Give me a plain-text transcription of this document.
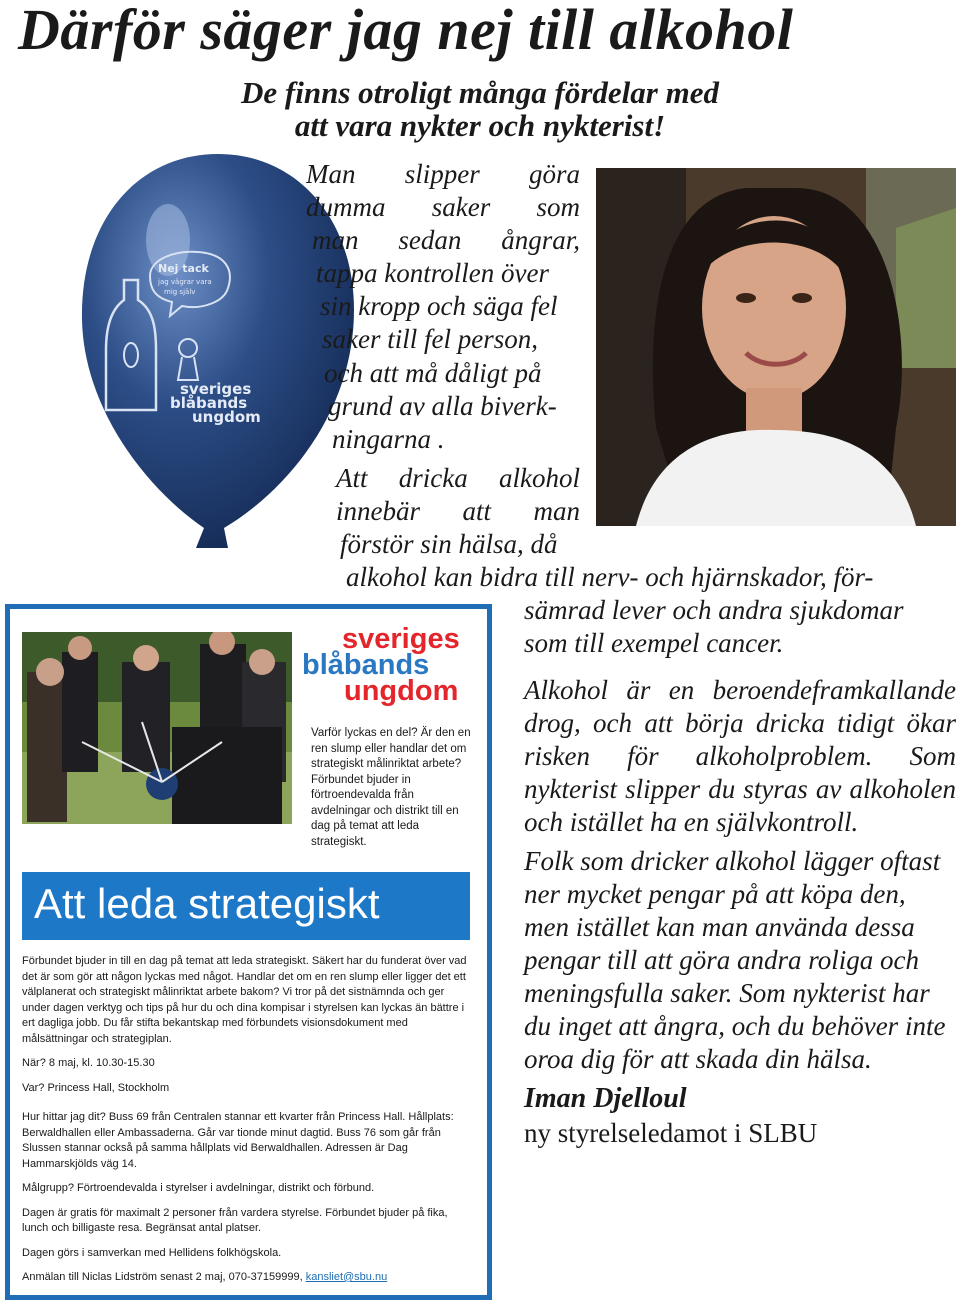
Därför säger jag nej till alkohol
De finns otroligt många fördelar med
att vara nykter och nykterist!
Nej tack
jag vägrar vara
mig själv
sveriges
blåbands
ungdom
Man slipper göra
dumma saker som
man sedan ångrar,
tappa kontrollen över
sin kropp och säga fel
saker till fel person,
och att må dåligt på
grund av alla biverk-
ningarna .
Att dricka alkohol
innebär att man
förstör sin hälsa, då
alkohol kan bidra till nerv- och hjärnskador, för-
sämrad lever och andra sjukdomar
som till exempel cancer.

Alkohol är en beroendeframkallande drog, och att börja dricka tidigt ökar risken för alkoholproblem. Som nykterist slipper du styras av alkoholen och istället ha en självkontroll.

Folk som dricker alkohol lägger oftast ner mycket pengar på att köpa den, men istället kan man använda dessa pengar till att göra andra roliga och meningsfulla saker. Som nykterist har du inget att ångra, och du behöver inte oroa dig för att skada din hälsa.

Iman Djelloul
ny styrelseledamot i SLBU
sveriges
blåbands
ungdom
Varför lyckas en del? Är den en ren slump eller handlar det om strategiskt målinriktat arbete? Förbundet bjuder in förtroendevalda från avdelningar och distrikt till en dag på temat att leda strategiskt.
Att leda strategiskt

Förbundet bjuder in till en dag på temat att leda strategiskt. Säkert har du funderat över vad det är som gör att någon lyckas med något. Handlar det om en ren slump eller ligger det ett välplanerat och strategiskt målinriktat arbete bakom? Vi tror på det sistnämnda och ger under dagen verktyg och tips på hur du och dina kompisar i styrelsen kan lyckas än bättre i ert dagliga jobb. Du får stifta bekantskap med förbundets visionsdokument med målsättningar och strategiplan.

När? 8 maj, kl. 10.30-15.30

Var? Princess Hall, Stockholm

Hur hittar jag dit? Buss 69 från Centralen stannar ett kvarter från Princess Hall. Hållplats: Berwaldhallen eller Ambassaderna. Går var tionde minut dagtid. Buss 76 som går från Slussen stannar också på samma hållplats vid Berwaldhallen. Adressen är Dag Hammarskjölds väg 14.

Målgrupp? Förtroendevalda i styrelser i avdelningar, distrikt och förbund.

Dagen är gratis för maximalt 2 personer från vardera styrelse. Förbundet bjuder på fika, lunch och billigaste resa. Begränsat antal platser.

Dagen görs i samverkan med Hellidens folkhögskola.

Anmälan till Niclas Lidström senast 2 maj, 070-37159999, kansliet@sbu.nu
